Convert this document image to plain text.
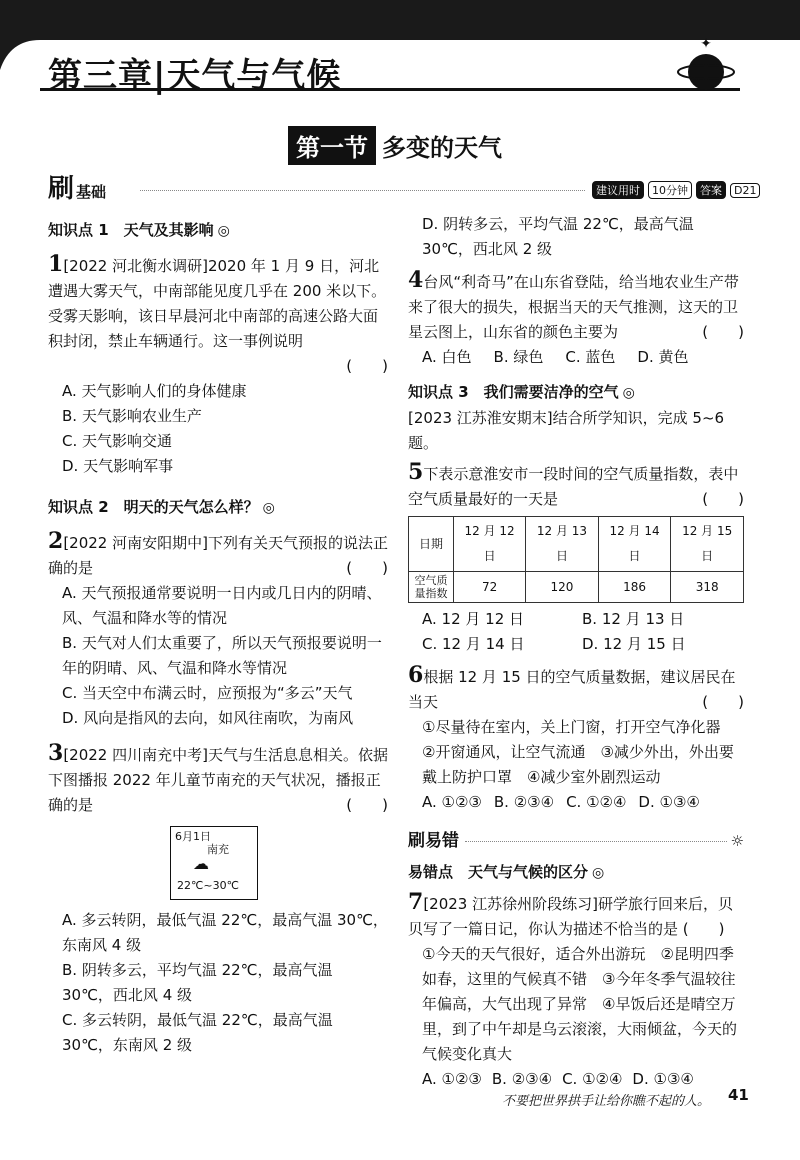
✦
第三章|天气与气候
第一节 多变的天气
刷基础	建议用时	10分钟	答案	D21
知识点 1　天气及其影响 ◎
1[2022 河北衡水调研]2020 年 1 月 9 日，河北遭遇大雾天气，中南部能见度几乎在 200 米以下。受雾天影响，该日早晨河北中南部的高速公路大面积封闭，禁止车辆通行。这一事例说明
(　　)
A. 天气影响人们的身体健康
B. 天气影响农业生产
C. 天气影响交通
D. 天气影响军事
知识点 2　明天的天气怎么样？ ◎
2[2022 河南安阳期中]下列有关天气预报的说法正确的是	(　　)
A. 天气预报通常要说明一日内或几日内的阴晴、风、气温和降水等的情况
B. 天气对人们太重要了，所以天气预报要说明一年的阴晴、风、气温和降水等情况
C. 当天空中布满云时，应预报为“多云”天气
D. 风向是指风的去向，如风往南吹，为南风
3[2022 四川南充中考]天气与生活息息相关。依据下图播报 2022 年儿童节南充的天气状况，播报正确的是	(　　)
6月1日
南充
☁
22℃~30℃
A. 多云转阴，最低气温 22℃，最高气温 30℃，东南风 4 级
B. 阴转多云，平均气温 22℃，最高气温 30℃，西北风 4 级
C. 多云转阴，最低气温 22℃，最高气温 30℃，东南风 2 级
D. 阴转多云，平均气温 22℃，最高气温 30℃，西北风 2 级
4台风“利奇马”在山东省登陆，给当地农业生产带来了很大的损失，根据当天的天气推测，这天的卫星云图上，山东省的颜色主要为	(　　)
A. 白色 B. 绿色 C. 蓝色 D. 黄色
知识点 3　我们需要洁净的空气 ◎
[2023 江苏淮安期末]结合所学知识，完成 5~6 题。
5下表示意淮安市一段时间的空气质量指数，表中空气质量最好的一天是	(　　)
日期	12 月 12 日	12 月 13 日	12 月 14 日	12 月 15 日
空气质量指数	72	120	186	318
A. 12 月 12 日	B. 12 月 13 日
C. 12 月 14 日	D. 12 月 15 日
6根据 12 月 15 日的空气质量数据，建议居民在当天	(　　)
①尽量待在室内，关上门窗，打开空气净化器　②开窗通风，让空气流通　③减少外出，外出要戴上防护口罩　④减少室外剧烈运动
A. ①②③ B. ②③④ C. ①②④ D. ①③④
刷易错	☼
易错点　天气与气候的区分 ◎
7[2023 江苏徐州阶段练习]研学旅行回来后，贝贝写了一篇日记，你认为描述不恰当的是 (　　)
①今天的天气很好，适合外出游玩　②昆明四季如春，这里的气候真不错　③今年冬季气温较往年偏高，大气出现了异常　④早饭后还是晴空万里，到了中午却是乌云滚滚，大雨倾盆，今天的气候变化真大
A. ①②③ B. ②③④ C. ①②④ D. ①③④
不要把世界拱手让给你瞧不起的人。 41
